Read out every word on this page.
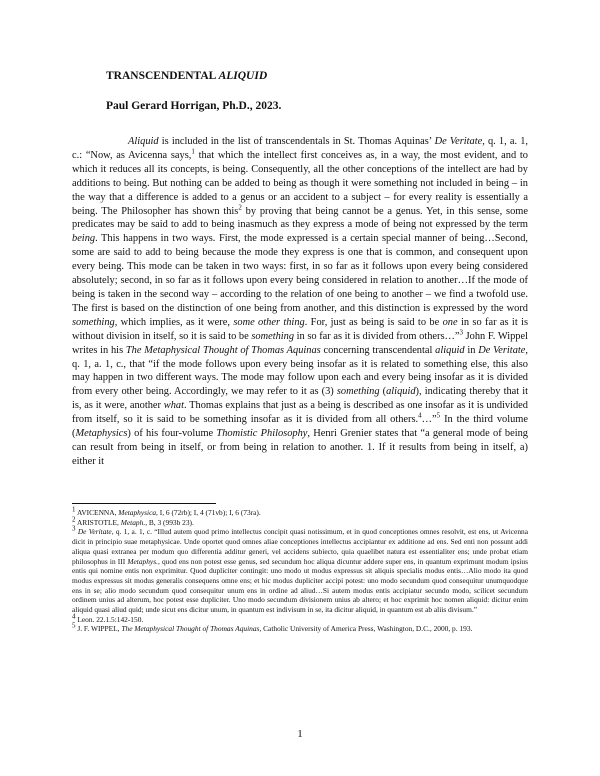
TRANSCENDENTAL ALIQUID
Paul Gerard Horrigan, Ph.D., 2023.
Aliquid is included in the list of transcendentals in St. Thomas Aquinas’ De Veritate, q. 1, a. 1, c.: “Now, as Avicenna says,$^1$ that which the intellect first conceives as, in a way, the most evident, and to which it reduces all its concepts, is being. Consequently, all the other conceptions of the intellect are had by additions to being. But nothing can be added to being as though it were something not included in being – in the way that a difference is added to a genus or an accident to a subject – for every reality is essentially a being. The Philosopher has shown this$^2$ by proving that being cannot be a genus. Yet, in this sense, some predicates may be said to add to being inasmuch as they express a mode of being not expressed by the term being. This happens in two ways. First, the mode expressed is a certain special manner of being…Second, some are said to add to being because the mode they express is one that is common, and consequent upon every being. This mode can be taken in two ways: first, in so far as it follows upon every being considered absolutely; second, in so far as it follows upon every being considered in relation to another…If the mode of being is taken in the second way – according to the relation of one being to another – we find a twofold use. The first is based on the distinction of one being from another, and this distinction is expressed by the word something, which implies, as it were, some other thing. For, just as being is said to be one in so far as it is without division in itself, so it is said to be something in so far as it is divided from others…”$^3$ John F. Wippel writes in his The Metaphysical Thought of Thomas Aquinas concerning transcendental aliquid in De Veritate, q. 1, a. 1, c., that “if the mode follows upon every being insofar as it is related to something else, this also may happen in two different ways. The mode may follow upon each and every being insofar as it is divided from every other being. Accordingly, we may refer to it as (3) something (aliquid), indicating thereby that it is, as it were, another what. Thomas explains that just as a being is described as one insofar as it is undivided from itself, so it is said to be something insofar as it is divided from all others.$^4$…”$^5$ In the third volume (Metaphysics) of his four-volume Thomistic Philosophy, Henri Grenier states that “a general mode of being can result from being in itself, or from being in relation to another. 1. If it results from being in itself, a) either it

$^1$ AVICENNA, Metaphysica, I, 6 (72rb); I, 4 (71vb); I, 6 (73ra).

$^2$ ARISTOTLE, Metaph., B, 3 (993b 23).

$^3$ De Veritate, q. 1, a. 1, c. “Illud autem quod primo intellectus concipit quasi notissimum, et in quod conceptiones omnes resolvit, est ens, ut Avicenna dicit in principio suae metaphysicae. Unde oportet quod omnes aliae conceptiones intellectus accipiantur ex additione ad ens. Sed enti non possunt addi aliqua quasi extranea per modum quo differentia additur generi, vel accidens subiecto, quia quaelibet natura est essentialiter ens; unde probat etiam philosophus in III Metaphys., quod ens non potest esse genus, sed secundum hoc aliqua dicuntur addere super ens, in quantum exprimunt modum ipsius entis qui nomine entis non exprimitur. Quod dupliciter contingit: uno modo ut modus expressus sit aliquis specialis modus entis…Alio modo ita quod modus expressus sit modus generalis consequens omne ens; et hic modus dupliciter accipi potest: uno modo secundum quod consequitur unumquodque ens in se; alio modo secundum quod consequitur unum ens in ordine ad aliud…Si autem modus entis accipiatur secundo modo, scilicet secundum ordinem unius ad alterum, hoc potest esse dupliciter. Uno modo secundum divisionem unius ab altero; et hoc exprimit hoc nomen aliquid: dicitur enim aliquid quasi aliud quid; unde sicut ens dicitur unum, in quantum est indivisum in se, ita dicitur aliquid, in quantum est ab aliis divisum.”

$^4$ Leon. 22.1.5:142-150.

$^5$ J. F. WIPPEL, The Metaphysical Thought of Thomas Aquinas, Catholic University of America Press, Washington, D.C., 2000, p. 193.

1
